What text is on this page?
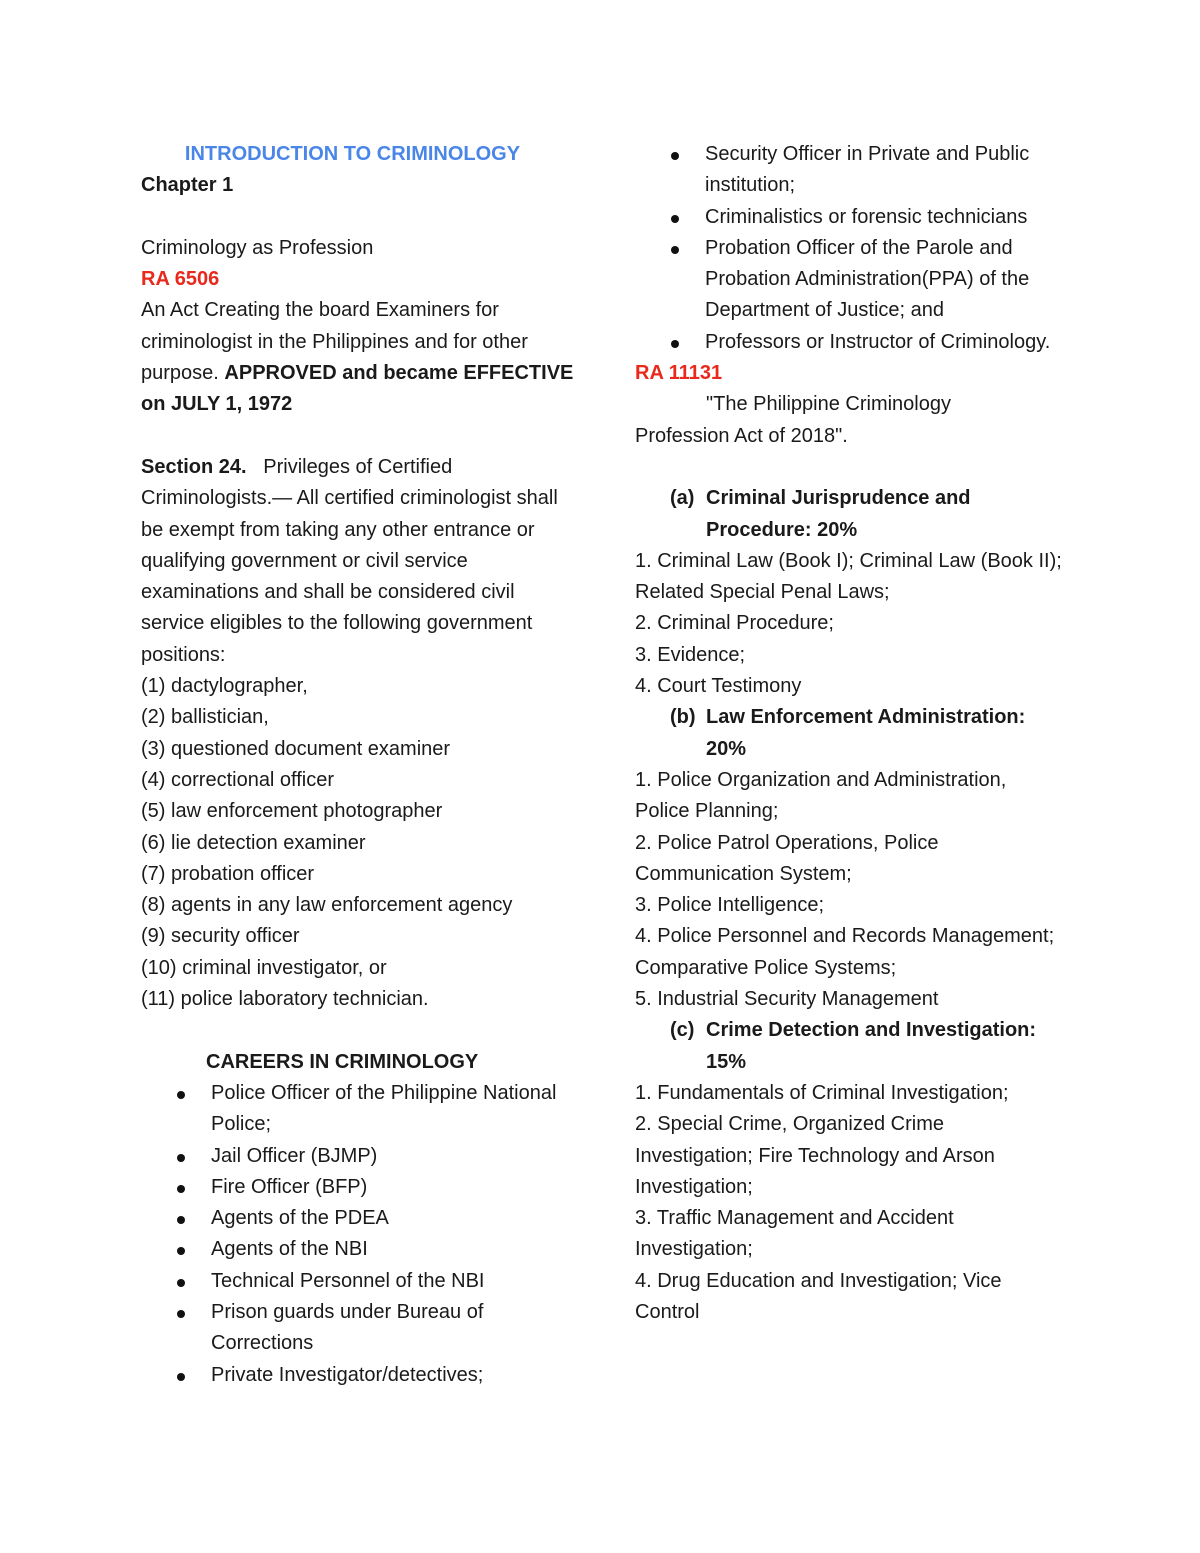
INTRODUCTION TO CRIMINOLOGY

Chapter 1

Criminology as Profession

RA 6506

An Act Creating the board Examiners for criminologist in the Philippines and for other purpose. APPROVED and became EFFECTIVE on JULY 1, 1972

Section 24. Privileges of Certified Criminologists.— All certified criminologist shall be exempt from taking any other entrance or qualifying government or civil service examinations and shall be considered civil service eligibles to the following government positions:

(1) dactylographer,

(2) ballistician,

(3) questioned document examiner

(4) correctional officer

(5) law enforcement photographer

(6) lie detection examiner

(7) probation officer

(8) agents in any law enforcement agency

(9) security officer

(10) criminal investigator, or

(11) police laboratory technician.

CAREERS IN CRIMINOLOGY

Police Officer of the Philippine National Police;
Jail Officer (BJMP)
Fire Officer (BFP)
Agents of the PDEA
Agents of the NBI
Technical Personnel of the NBI
Prison guards under Bureau of Corrections
Private Investigator/detectives;
Security Officer in Private and Public institution;
Criminalistics or forensic technicians
Probation Officer of the Parole and Probation Administration(PPA) of the Department of Justice; and
Professors or Instructor of Criminology.

RA 11131

"The Philippine Criminology

Profession Act of 2018".

(a) Criminal Jurisprudence and Procedure: 20%

1. Criminal Law (Book I); Criminal Law (Book II); Related Special Penal Laws;

2. Criminal Procedure;

3. Evidence;

4. Court Testimony

(b) Law Enforcement Administration: 20%

1. Police Organization and Administration, Police Planning;

2. Police Patrol Operations, Police Communication System;

3. Police Intelligence;

4. Police Personnel and Records Management; Comparative Police Systems;

5. Industrial Security Management

(c) Crime Detection and Investigation: 15%

1. Fundamentals of Criminal Investigation;

2. Special Crime, Organized Crime Investigation; Fire Technology and Arson Investigation;

3. Traffic Management and Accident Investigation;

4. Drug Education and Investigation; Vice Control
